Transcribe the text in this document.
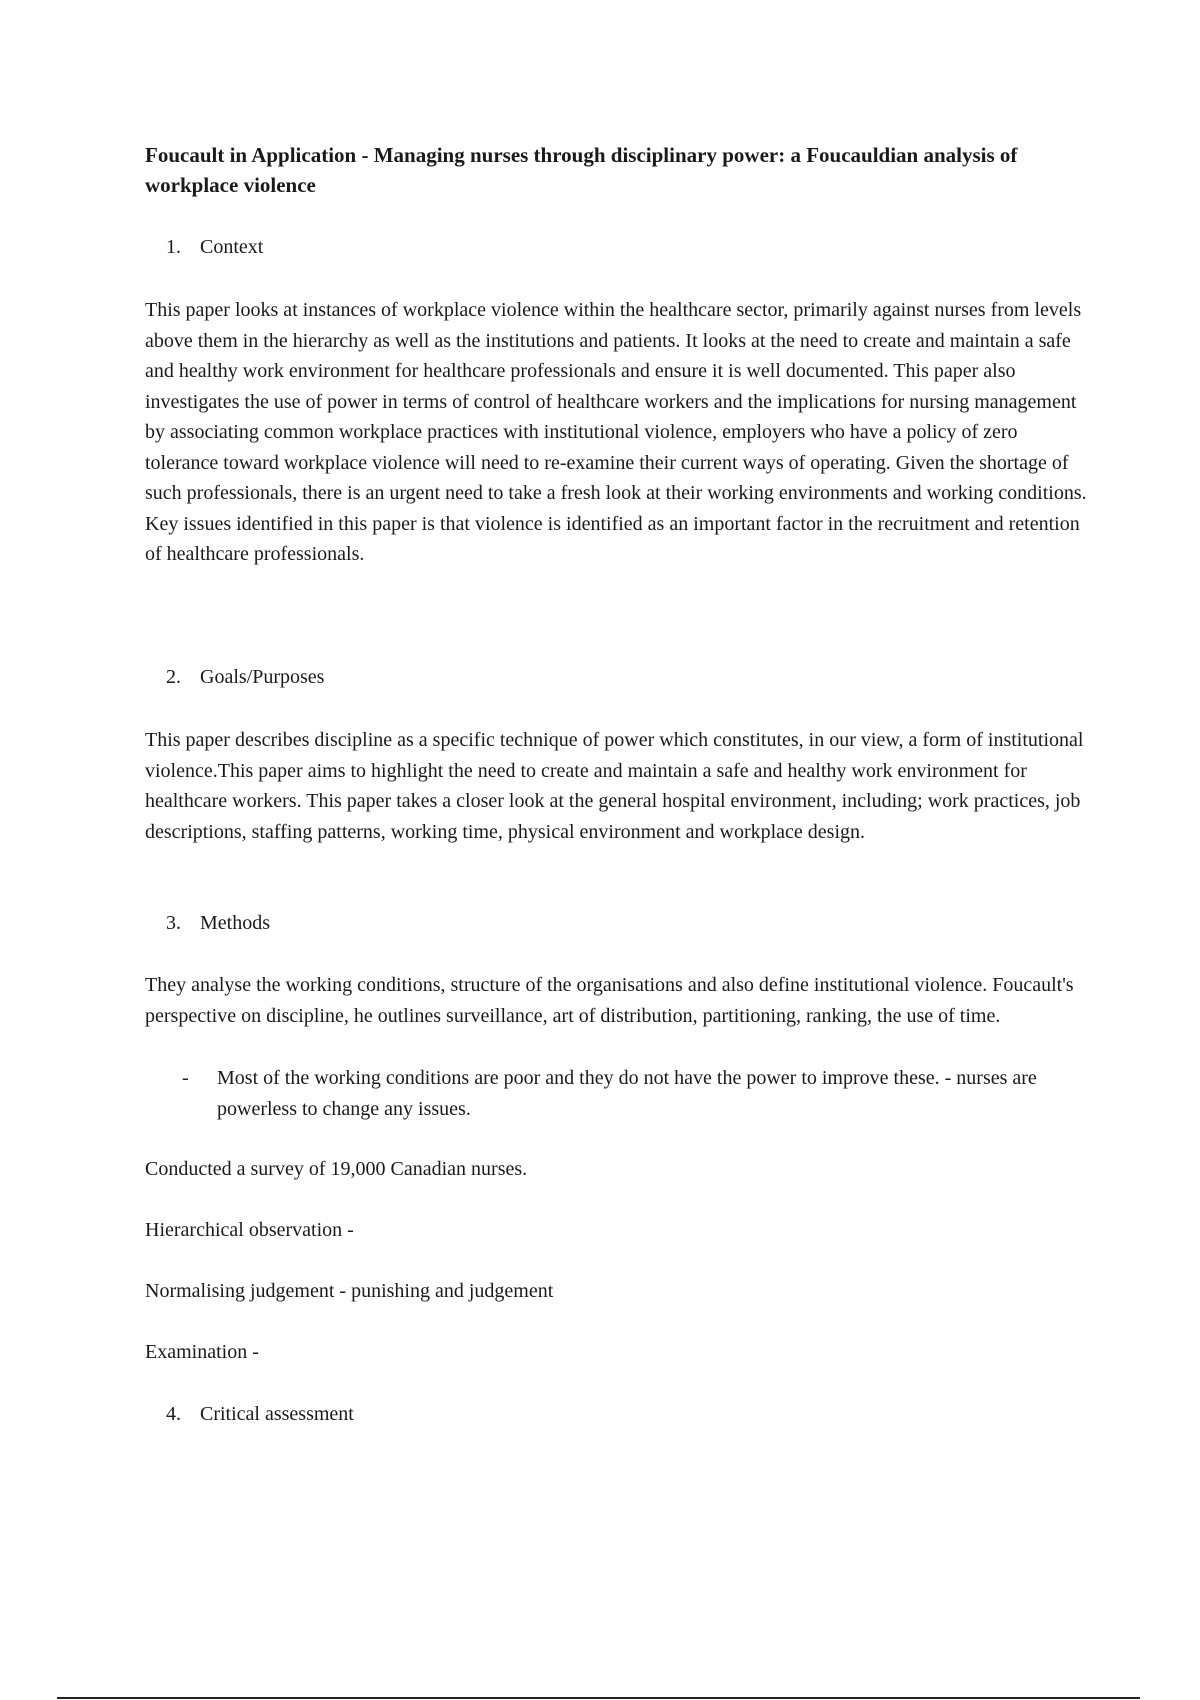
Foucault in Application - Managing nurses through disciplinary power: a Foucauldian analysis of workplace violence

1. Context

This paper looks at instances of workplace violence within the healthcare sector, primarily against nurses from levels above them in the hierarchy as well as the institutions and patients. It looks at the need to create and maintain a safe and healthy work environment for healthcare professionals and ensure it is well documented. This paper also investigates the use of power in terms of control of healthcare workers and the implications for nursing management by associating common workplace practices with institutional violence, employers who have a policy of zero tolerance toward workplace violence will need to re-examine their current ways of operating. Given the shortage of such professionals, there is an urgent need to take a fresh look at their working environments and working conditions. Key issues identified in this paper is that violence is identified as an important factor in the recruitment and retention of healthcare professionals.

2. Goals/Purposes

This paper describes discipline as a specific technique of power which constitutes, in our view, a form of institutional violence.This paper aims to highlight the need to create and maintain a safe and healthy work environment for healthcare workers. This paper takes a closer look at the general hospital environment, including; work practices, job descriptions, staffing patterns, working time, physical environment and workplace design.

3. Methods

They analyse the working conditions, structure of the organisations and also define institutional violence. Foucault's perspective on discipline, he outlines surveillance, art of distribution, partitioning, ranking, the use of time.

- Most of the working conditions are poor and they do not have the power to improve these. - nurses are powerless to change any issues.

Conducted a survey of 19,000 Canadian nurses.

Hierarchical observation -

Normalising judgement - punishing and judgement

Examination -

4. Critical assessment
